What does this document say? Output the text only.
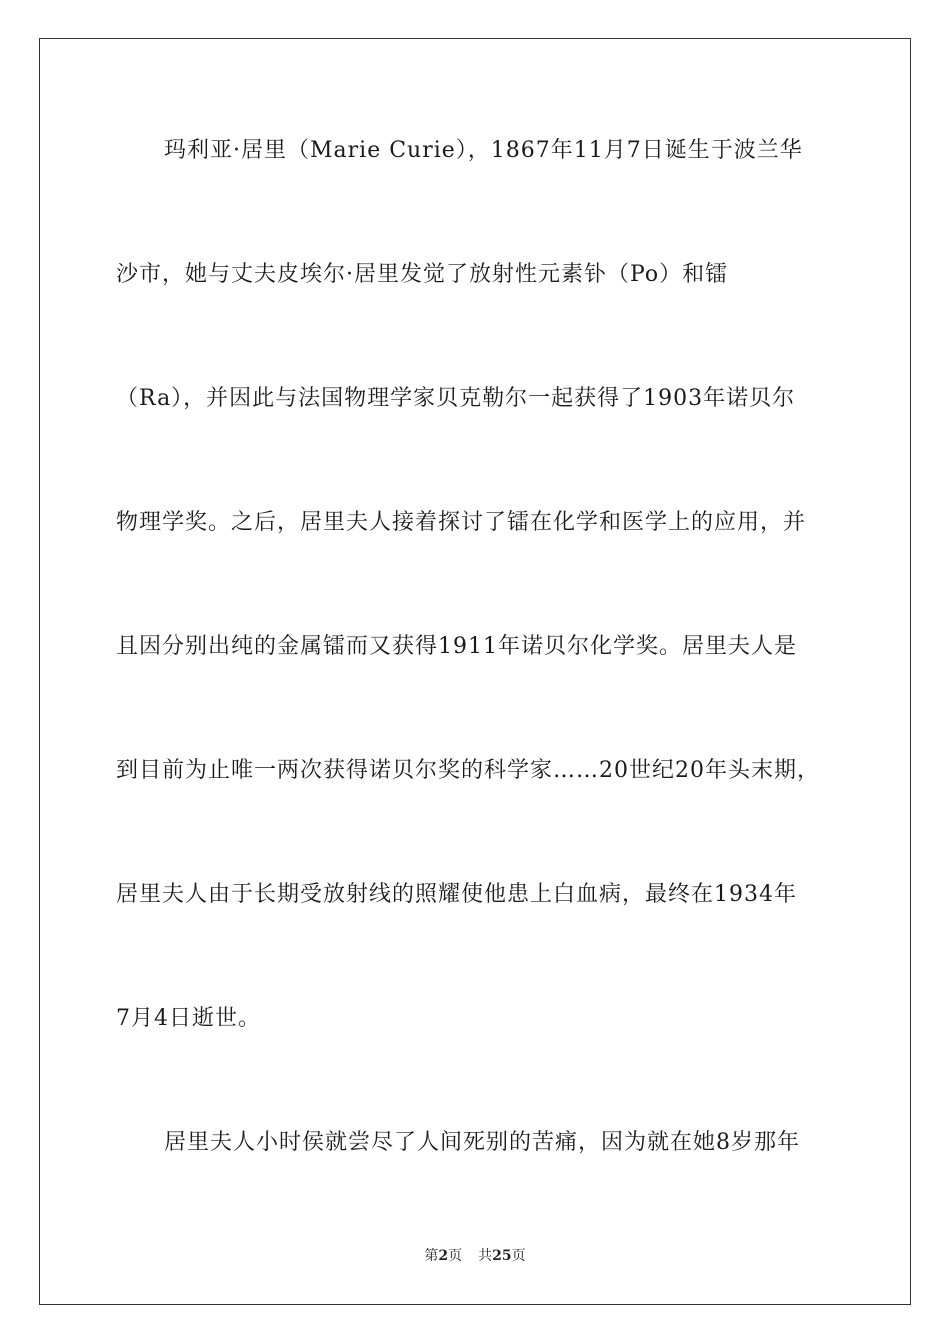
玛利亚·居里（Marie Curie），1867年11月7日诞生于波兰华
沙市，她与丈夫皮埃尔·居里发觉了放射性元素钋（Po）和镭
（Ra），并因此与法国物理学家贝克勒尔一起获得了1903年诺贝尔
物理学奖。之后，居里夫人接着探讨了镭在化学和医学上的应用，并
且因分别出纯的金属镭而又获得1911年诺贝尔化学奖。居里夫人是
到目前为止唯一两次获得诺贝尔奖的科学家……20世纪20年头末期，
居里夫人由于长期受放射线的照耀使他患上白血病，最终在1934年
7月4日逝世。
居里夫人小时侯就尝尽了人间死别的苦痛，因为就在她8岁那年
第2页 共25页
